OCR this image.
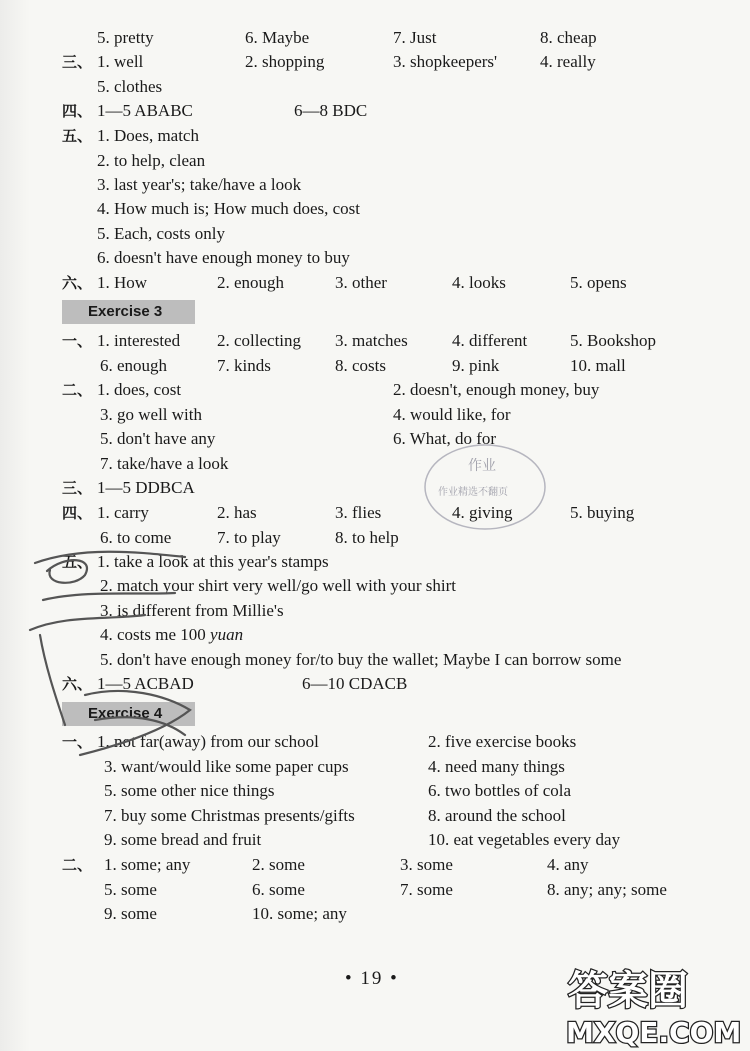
5. pretty	6. Maybe	7. Just	8. cheap
三、 1. well	2. shopping	3. shopkeepers'	4. really
5. clothes
四、 1—5 ABABC	6—8 BDC
五、 1. Does, match
2. to help, clean
3. last year's; take/have a look
4. How much is; How much does, cost
5. Each, costs only
6. doesn't have enough money to buy
六、 1. How	2. enough	3. other	4. looks	5. opens
一、 1. interested 2. collecting 3. matches	4. different	5. Bookshop
6. enough	7. kinds	8. costs	9. pink	10. mall
二、 1. does, cost	2. doesn't, enough money, buy
3. go well with	4. would like, for
5. don't have any	6. What, do for
7. take/have a look
三、 1—5 DDBCA
四、 1. carry	2. has	3. flies	4. giving	5. buying
6. to come	7. to play	8. to help
五、 1. take a look at this year's stamps
2. match your shirt very well/go well with your shirt
3. is different from Millie's
4. costs me 100 yuan
5. don't have enough money for/to buy the wallet; Maybe I can borrow some
六、 1—5 ACBAD	6—10 CDACB
一、 1. not far(away) from our school	2. five exercise books
3. want/would like some paper cups	4. need many things
5. some other nice things	6. two bottles of cola
7. buy some Christmas presents/gifts	8. around the school
9. some bread and fruit	10. eat vegetables every day
二、 1. some; any	2. some	3. some	4. any
5. some	6. some	7. some	8. any; any; some
9. some	10. some; any
Exercise 3
Exercise 4
作业
作业精选不翻页
• 19 •	答案圈
MXQE.COM
